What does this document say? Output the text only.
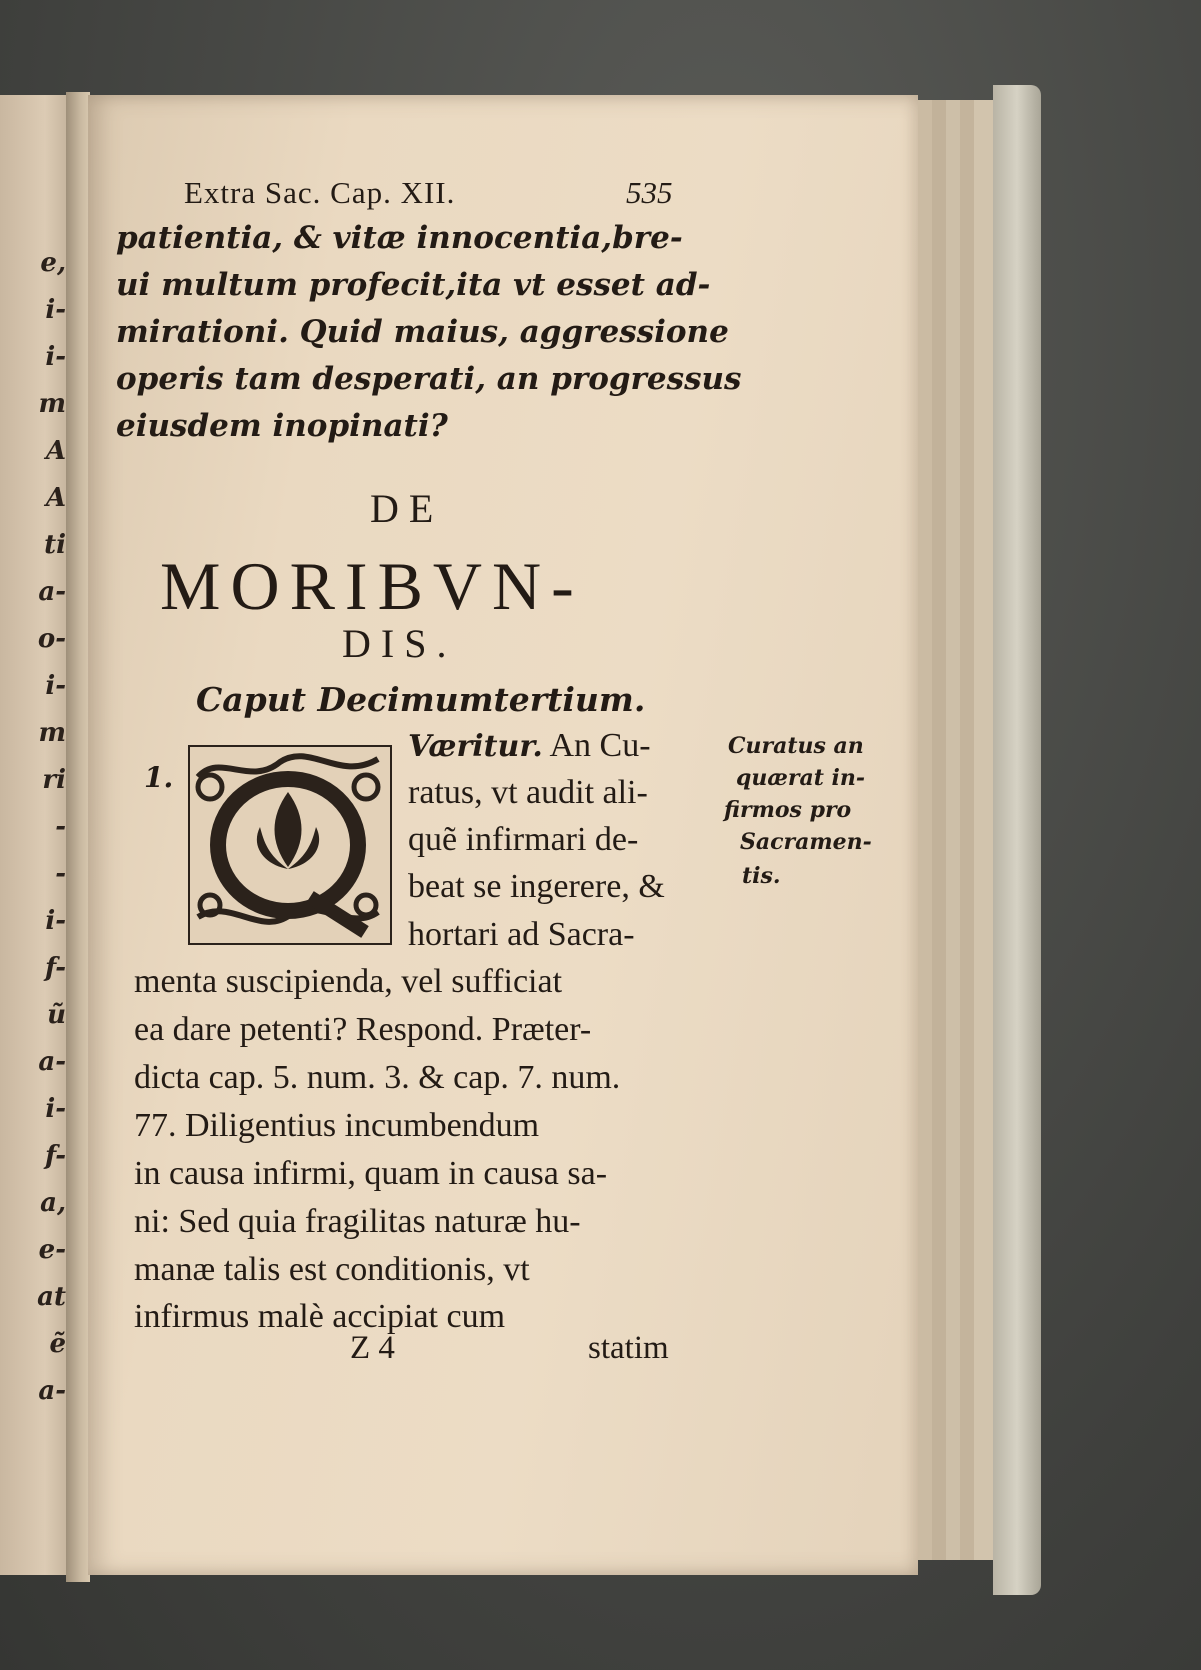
e,
i-
i-
m
A
A
ti
a-
o-
i-
m
ri
-
-
i-
f-
ũ
a-
i-
f-
a,
e-
at
ẽ
a-
Extra Sac. Cap. XII.	535
patientia, & vitæ innocentia,bre-
ui multum profecit,ita vt esset ad-
mirationi. Quid maius, aggressione
operis tam desperati, an progressus
eiusdem inopinati?
DE
MORIBVN-
DIS.
Caput Decimumtertium.
1.
Væritur. An Cu-
ratus, vt audit ali-
quẽ infirmari de-
beat se ingerere, &
hortari ad Sacra-
menta suscipienda, vel sufficiat
ea dare petenti? Respond. Præter-
dicta cap. 5. num. 3. & cap. 7. num.
77. Diligentius incumbendum
in causa infirmi, quam in causa sa-
ni: Sed quia fragilitas naturæ hu-
manæ talis est conditionis, vt
infirmus malè accipiat cum
Curatus an
quærat in-
firmos pro
Sacramen-
tis.
Z 4	statim
